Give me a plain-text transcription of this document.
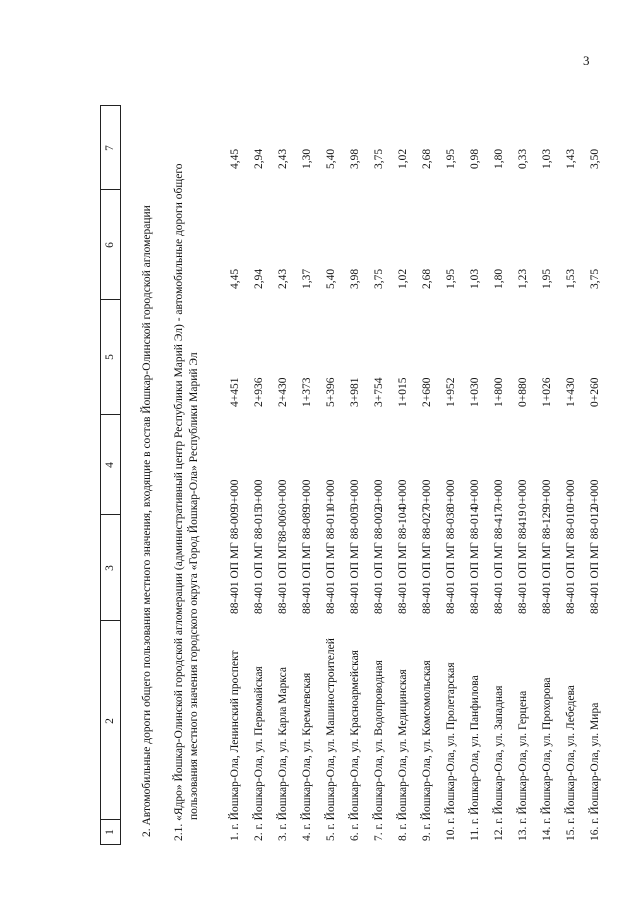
3

1
2
3
4
5
6
7
2. Автомобильные дороги общего пользования местного значения, входящие в состав Йошкар-Олинской городской агломерации 2.1. «Ядро» Йошкар-Олинской городской агломерации (административный центр Республики Марий Эл) - автомобильные дороги общего пользования местного значения городского округа «Город Йошкар-Ола» Республики Марий Эл
1. г. Йошкар-Ола, Ленинский проспект
88-401 ОП МГ 88-009
0+000
4+451
4,45
4,45
2. г. Йошкар-Ола, ул. Первомайская
88-401 ОП МГ 88-015
0+000
2+936
2,94
2,94
3. г. Йошкар-Ола, ул. Карла Маркса
88-401 ОП МГ88-006
0+000
2+430
2,43
2,43
4. г. Йошкар-Ола, ул. Кремлевская
88-401 ОП МГ 88-089
0+000
1+373
1,37
1,30
5. г. Йошкар-Ола, ул. Машиностроителей
88-401 ОП МГ 88-011
0+000
5+396
5,40
5,40
6. г. Йошкар-Ола, ул. Красноармейская
88-401 ОП МГ 88-005
0+000
3+981
3,98
3,98
7. г. Йошкар-Ола, ул. Водопроводная
88-401 ОП МГ 88-002
0+000
3+754
3,75
3,75
8. г. Йошкар-Ола, ул. Медицинская
88-401 ОП МГ 88-104
0+000
1+015
1,02
1,02
9. г. Йошкар-Ола, ул. Комсомольская
88-401 ОП МГ 88-027
0+000
2+680
2,68
2,68
10. г. Йошкар-Ола, ул. Пролетарская
88-401 ОП МГ 88-038
0+000
1+952
1,95
1,95
11. г. Йошкар-Ола, ул. Панфилова
88-401 ОП МГ 88-014
0+000
1+030
1,03
0,98
12. г. Йошкар-Ола, ул. Западная
88-401 ОП МГ 88-417
0+000
1+800
1,80
1,80
13. г. Йошкар-Ола, ул. Герцена
88-401 ОП МГ 88419
0+000
0+880
1,23
0,33
14. г. Йошкар-Ола, ул. Прохорова
88-401 ОП МГ 88-129
0+000
1+026
1,95
1,03
15. г. Йошкар-Ола, ул. Лебедева
88-401 ОП МГ 88-010
0+000
1+430
1,53
1,43
16. г. Йошкар-Ола, ул. Мира
88-401 ОП МГ 88-012
0+000
0+260
3,75
3,50
